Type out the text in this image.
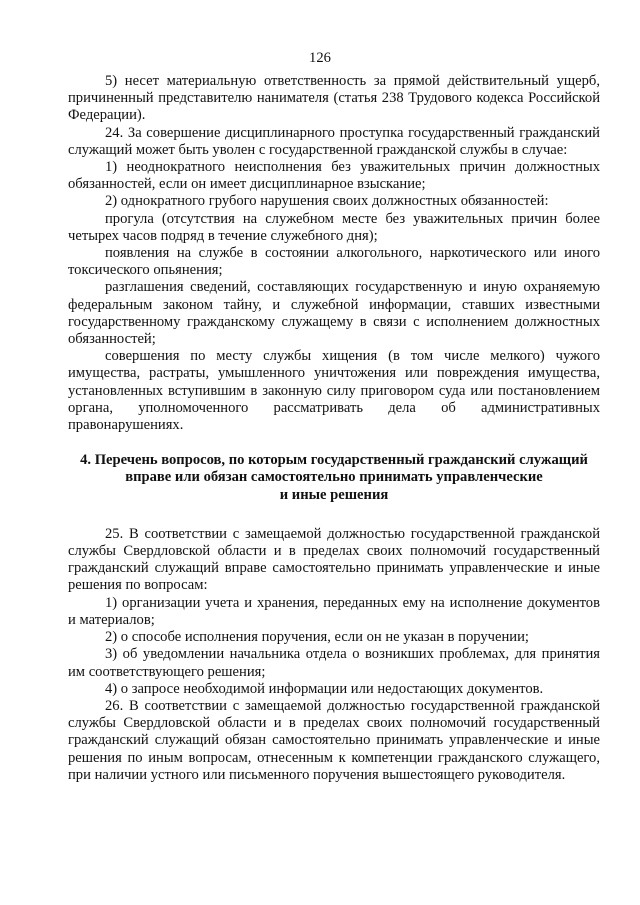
126

5) несет материальную ответственность за прямой действительный ущерб, причиненный представителю нанимателя (статья 238 Трудового кодекса Российской Федерации).

24. За совершение дисциплинарного проступка государственный гражданский служащий может быть уволен с государственной гражданской службы в случае:

1) неоднократного неисполнения без уважительных причин должностных обязанностей, если он имеет дисциплинарное взыскание;

2) однократного грубого нарушения своих должностных обязанностей:

прогула (отсутствия на служебном месте без уважительных причин более четырех часов подряд в течение служебного дня);

появления на службе в состоянии алкогольного, наркотического или иного токсического опьянения;

разглашения сведений, составляющих государственную и иную охраняемую федеральным законом тайну, и служебной информации, ставших известными государственному гражданскому служащему в связи с исполнением должностных обязанностей;

совершения по месту службы хищения (в том числе мелкого) чужого имущества, растраты, умышленного уничтожения или повреждения имущества, установленных вступившим в законную силу приговором суда или постановлением органа, уполномоченного рассматривать дела об административных правонарушениях.

4. Перечень вопросов, по которым государственный гражданский служащий
вправе или обязан самостоятельно принимать управленческие
и иные решения

25. В соответствии с замещаемой должностью государственной гражданской службы Свердловской области и в пределах своих полномочий государственный гражданский служащий вправе самостоятельно принимать управленческие и иные решения по вопросам:

1) организации учета и хранения, переданных ему на исполнение документов и материалов;

2) о способе исполнения поручения, если он не указан в поручении;

3) об уведомлении начальника отдела о возникших проблемах, для принятия им соответствующего решения;

4) о запросе необходимой информации или недостающих документов.

26. В соответствии с замещаемой должностью государственной гражданской службы Свердловской области и в пределах своих полномочий государственный гражданский служащий обязан самостоятельно принимать управленческие и иные решения по иным вопросам, отнесенным к компетенции гражданского служащего, при наличии устного или письменного поручения вышестоящего руководителя.
